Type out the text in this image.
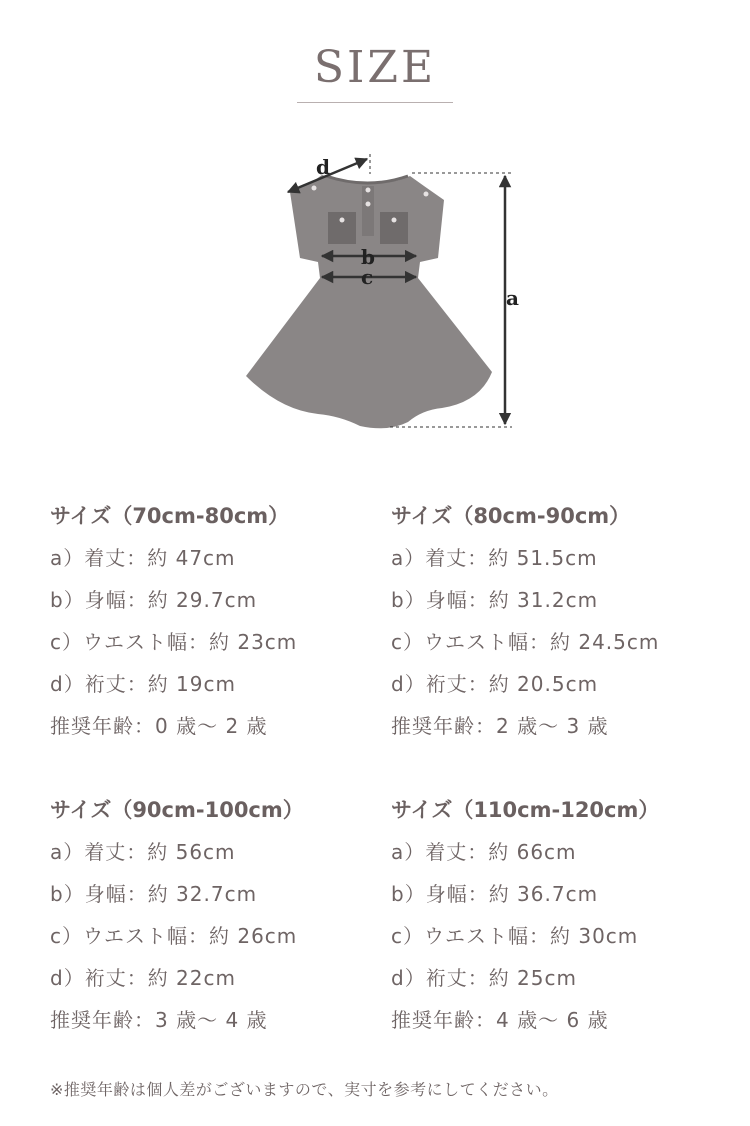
SIZE
a
d
b
c
サイズ（70cm-80cm）
a）着丈：約 47cm
b）身幅：約 29.7cm
c）ウエスト幅：約 23cm
d）裄丈：約 19cm
推奨年齢：0 歳～ 2 歳
サイズ（80cm-90cm）
a）着丈：約 51.5cm
b）身幅：約 31.2cm
c）ウエスト幅：約 24.5cm
d）裄丈：約 20.5cm
推奨年齢：2 歳～ 3 歳
サイズ（90cm-100cm）
a）着丈：約 56cm
b）身幅：約 32.7cm
c）ウエスト幅：約 26cm
d）裄丈：約 22cm
推奨年齢：3 歳～ 4 歳
サイズ（110cm-120cm）
a）着丈：約 66cm
b）身幅：約 36.7cm
c）ウエスト幅：約 30cm
d）裄丈：約 25cm
推奨年齢：4 歳～ 6 歳
※推奨年齢は個人差がございますので、実寸を参考にしてください。
